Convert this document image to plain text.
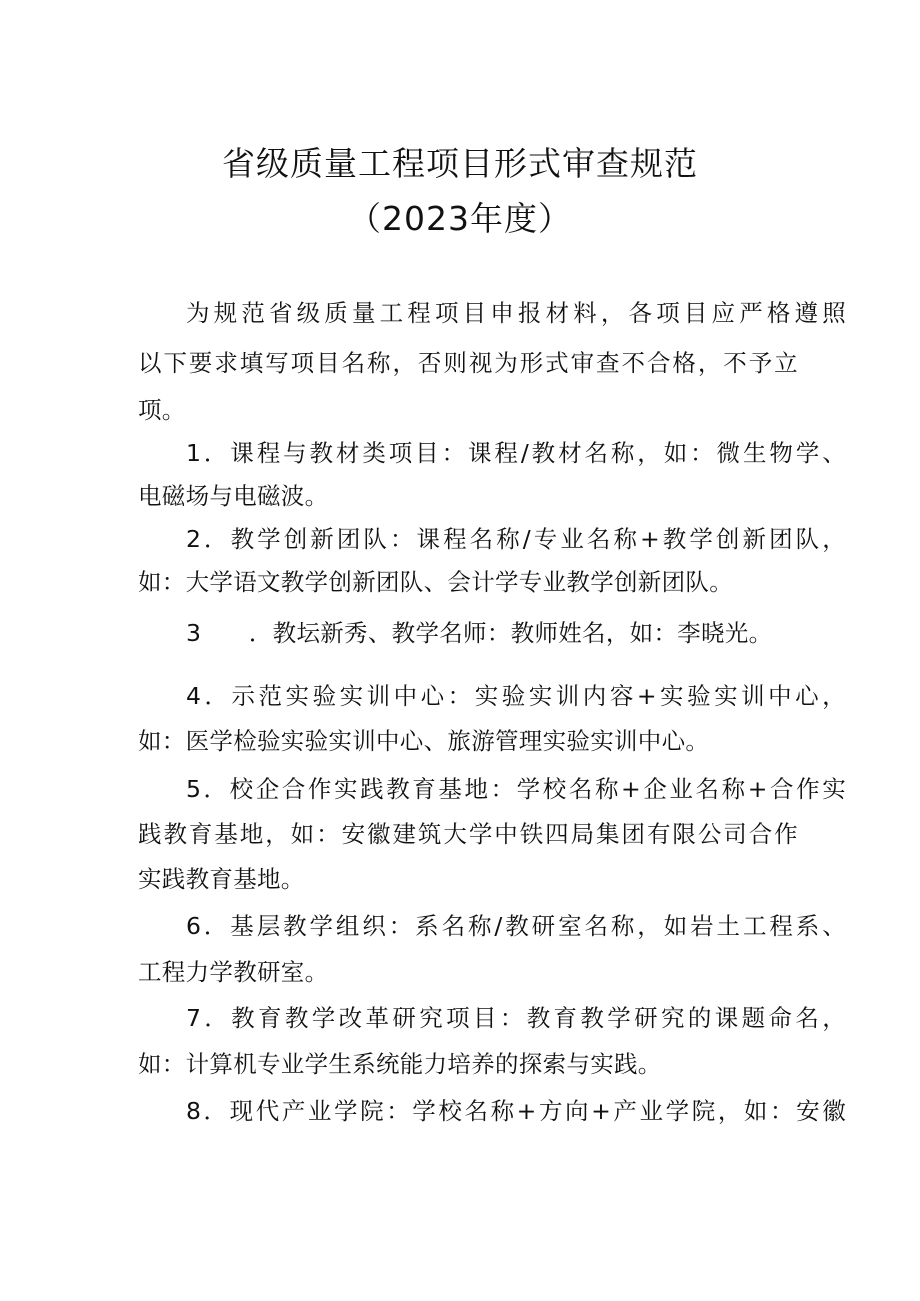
省级质量工程项目形式审查规范
（2023年度）
为规范省级质量工程项目申报材料，各项目应严格遵照
以下要求填写项目名称，否则视为形式审查不合格，不予立
项。
1．课程与教材类项目：课程/教材名称，如：微生物学、
电磁场与电磁波。
2．教学创新团队：课程名称/专业名称+教学创新团队，
如：大学语文教学创新团队、会计学专业教学创新团队。
3　　．教坛新秀、教学名师：教师姓名，如：李晓光。
4．示范实验实训中心：实验实训内容+实验实训中心，
如：医学检验实验实训中心、旅游管理实验实训中心。
5．校企合作实践教育基地：学校名称+企业名称+合作实
践教育基地，如：安徽建筑大学中铁四局集团有限公司合作
实践教育基地。
6．基层教学组织：系名称/教研室名称，如岩土工程系、
工程力学教研室。
7．教育教学改革研究项目：教育教学研究的课题命名，
如：计算机专业学生系统能力培养的探索与实践。
8．现代产业学院：学校名称+方向+产业学院，如：安徽
